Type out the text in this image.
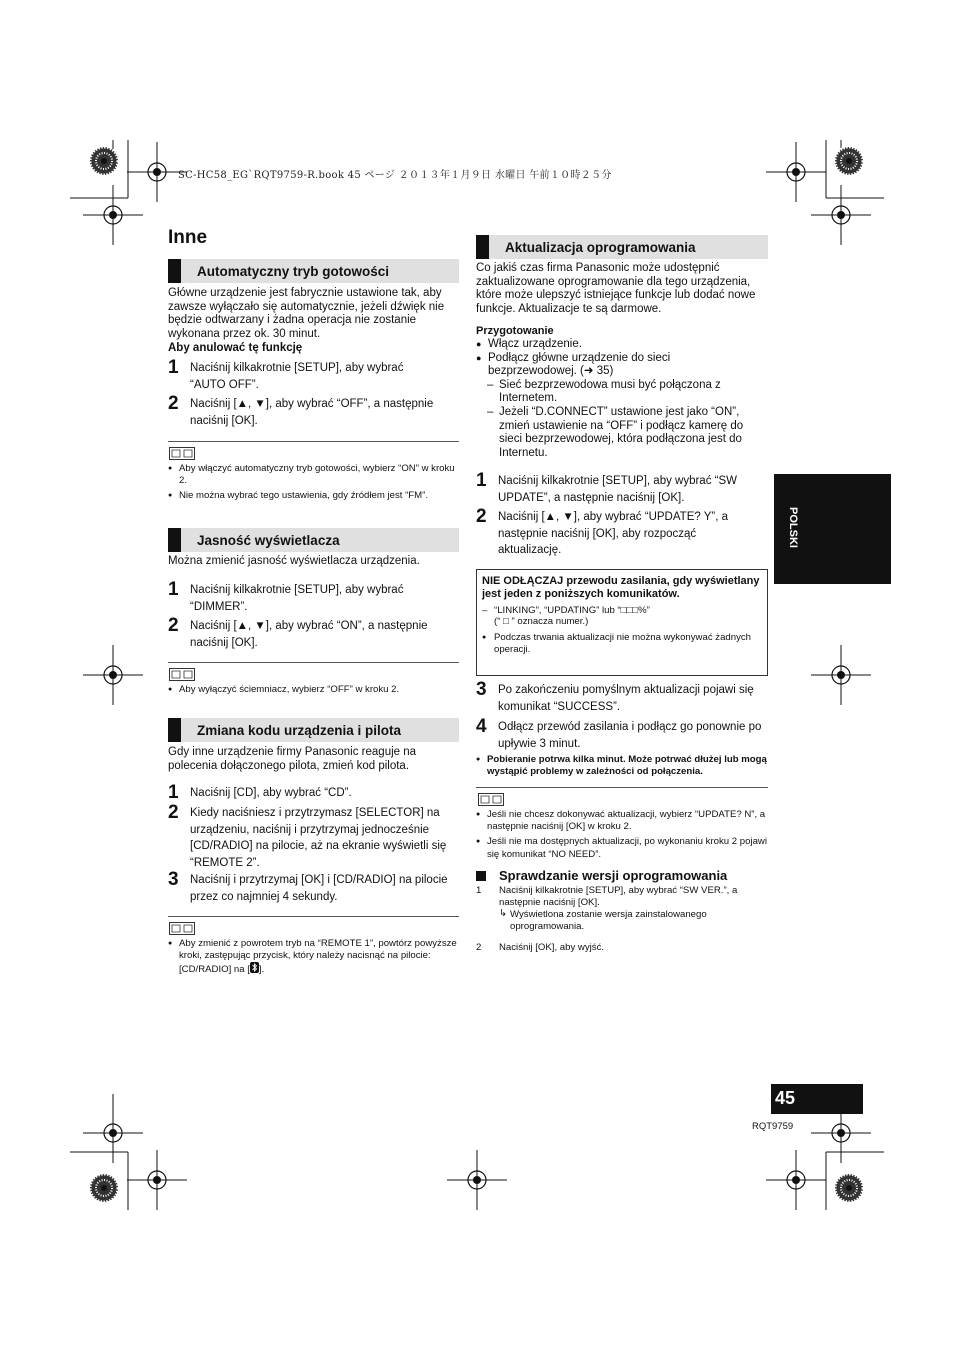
SC-HC58_EG`RQT9759-R.book 45 ページ ２０１３年１月９日 水曜日 午前１０時２５分
Inne
Automatyczny tryb gotowości

Główne urządzenie jest fabrycznie ustawione tak, aby zawsze wyłączało się automatycznie, jeżeli dźwięk nie będzie odtwarzany i żadna operacja nie zostanie wykonana przez ok. 30 minut.

Aby anulować tę funkcję

1 Naciśnij kilkakrotnie [SETUP], aby wybrać “AUTO OFF”.
2 Naciśnij [▲, ▼], aby wybrać “OFF”, a następnie naciśnij [OK].
● Aby włączyć automatyczny tryb gotowości, wybierz “ON” w kroku 2.
● Nie można wybrać tego ustawienia, gdy źródłem jest “FM”.
Jasność wyświetlacza

Można zmienić jasność wyświetlacza urządzenia.

1 Naciśnij kilkakrotnie [SETUP], aby wybrać “DIMMER”.
2 Naciśnij [▲, ▼], aby wybrać “ON”, a następnie naciśnij [OK].
● Aby wyłączyć ściemniacz, wybierz “OFF” w kroku 2.
Zmiana kodu urządzenia i pilota

Gdy inne urządzenie firmy Panasonic reaguje na polecenia dołączonego pilota, zmień kod pilota.

1 Naciśnij [CD], aby wybrać “CD”.
2 Kiedy naciśniesz i przytrzymasz [SELECTOR] na urządzeniu, naciśnij i przytrzymaj jednocześnie [CD/RADIO] na pilocie, aż na ekranie wyświetli się “REMOTE 2”.
3 Naciśnij i przytrzymaj [OK] i [CD/RADIO] na pilocie przez co najmniej 4 sekundy.
● Aby zmienić z powrotem tryb na “REMOTE 1”, powtórz powyższe kroki, zastępując przycisk, który należy nacisnąć na pilocie: [CD/RADIO] na [ ].
Aktualizacja oprogramowania

Co jakiś czas firma Panasonic może udostępnić zaktualizowane oprogramowanie dla tego urządzenia, które może ulepszyć istniejące funkcje lub dodać nowe funkcje. Aktualizacje te są darmowe.

Przygotowanie

● Włącz urządzenie.
● Podłącz główne urządzenie do sieci bezprzewodowej. (➜ 35)
– Sieć bezprzewodowa musi być połączona z Internetem.
– Jeżeli “D.CONNECT” ustawione jest jako “ON”, zmień ustawienie na “OFF” i podłącz kamerę do sieci bezprzewodowej, która podłączona jest do Internetu.
1 Naciśnij kilkakrotnie [SETUP], aby wybrać “SW UPDATE”, a następnie naciśnij [OK].
2 Naciśnij [▲, ▼], aby wybrać “UPDATE? Y”, a następnie naciśnij [OK], aby rozpocząć aktualizację.
NIE ODŁĄCZAJ przewodu zasilania, gdy wyświetlany jest jeden z poniższych komunikatów.
– “LINKING”, “UPDATING” lub “□□□%”
(“ □ ” oznacza numer.)
● Podczas trwania aktualizacji nie można wykonywać żadnych operacji.
3 Po zakończeniu pomyślnym aktualizacji pojawi się komunikat “SUCCESS”.
4 Odłącz przewód zasilania i podłącz go ponownie po upływie 3 minut.
● Pobieranie potrwa kilka minut. Może potrwać dłużej lub mogą wystąpić problemy w zależności od połączenia.
● Jeśli nie chcesz dokonywać aktualizacji, wybierz “UPDATE? N”, a następnie naciśnij [OK] w kroku 2.
● Jeśli nie ma dostępnych aktualizacji, po wykonaniu kroku 2 pojawi się komunikat “NO NEED”.
Sprawdzanie wersji oprogramowania
1 Naciśnij kilkakrotnie [SETUP], aby wybrać “SW VER.”, a następnie naciśnij [OK].
↳ Wyświetlona zostanie wersja zainstalowanego oprogramowania.
2 Naciśnij [OK], aby wyjść.
POLSKI
45
RQT9759
